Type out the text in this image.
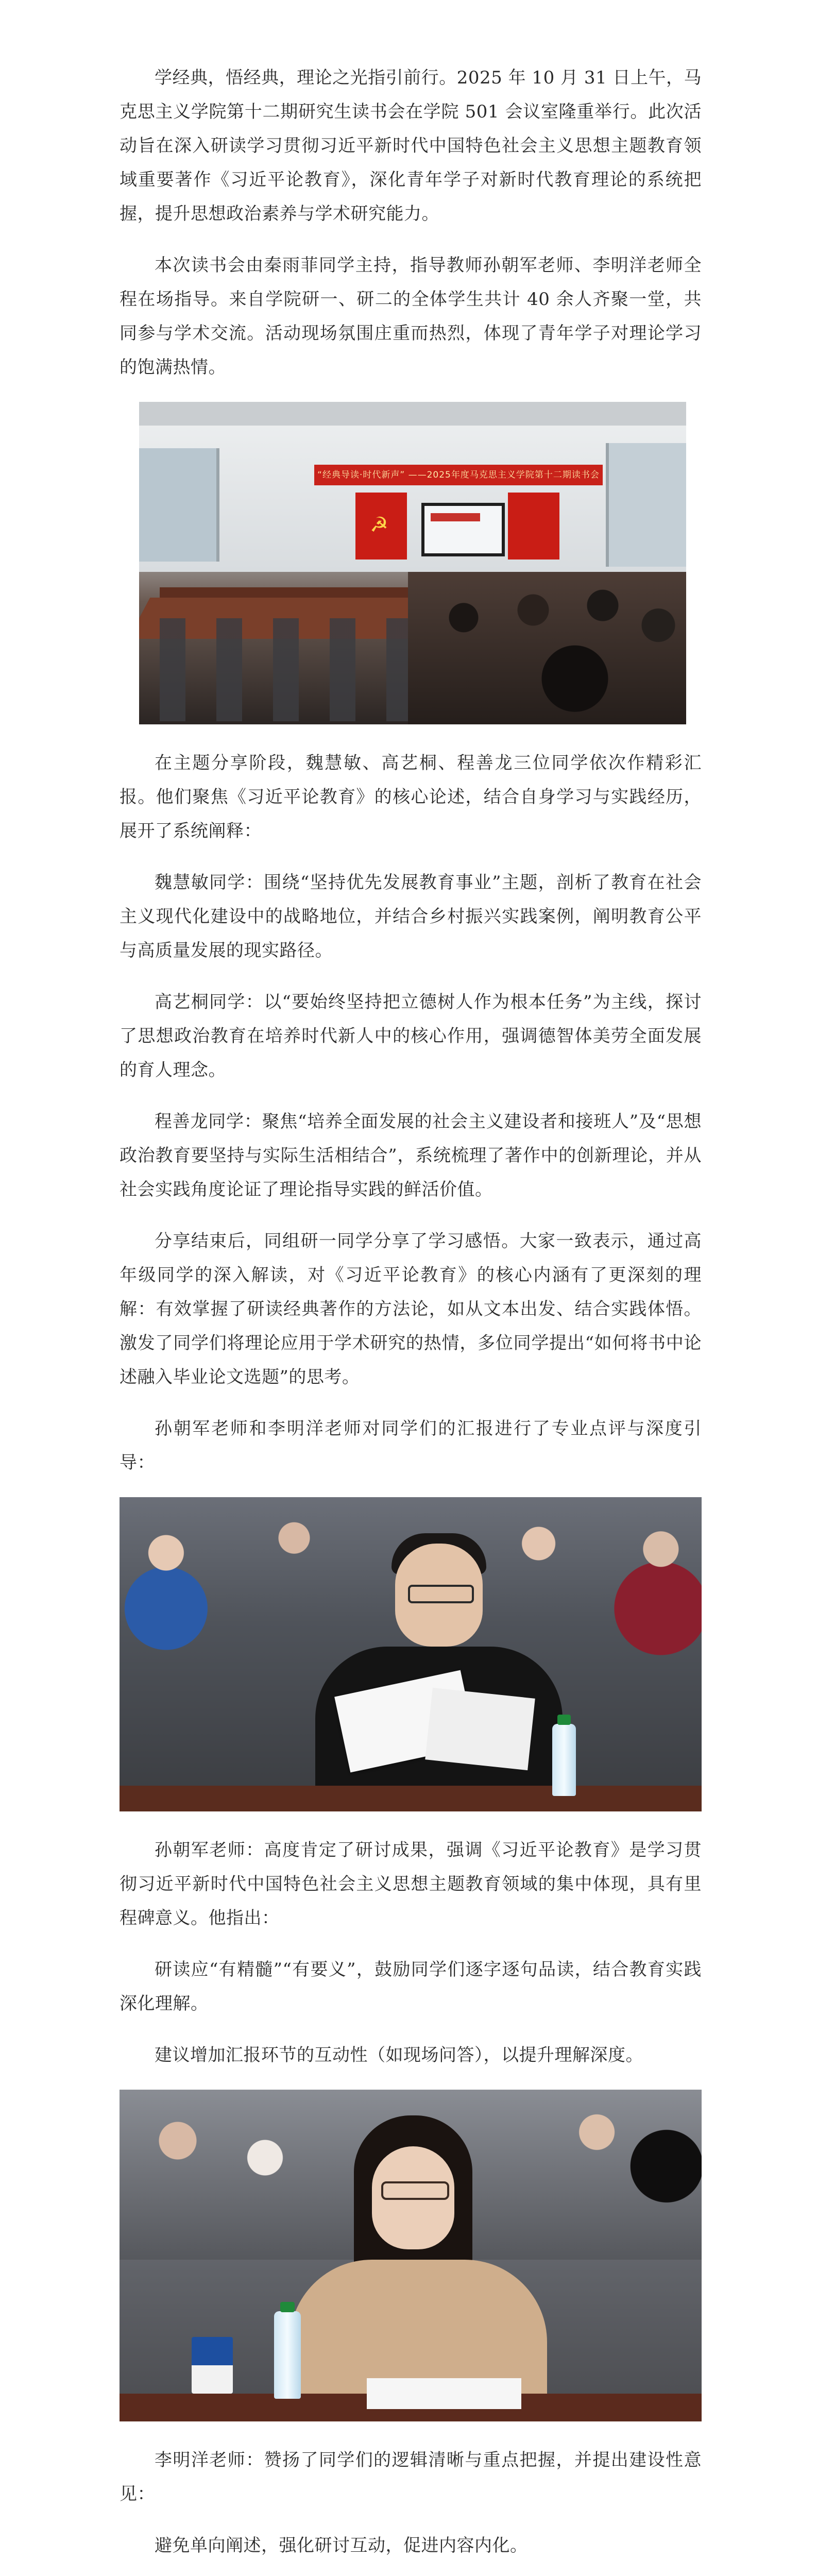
学经典，悟经典，理论之光指引前行。2025 年 10 月 31 日上午，马克思主义学院第十二期研究生读书会在学院 501 会议室隆重举行。此次活动旨在深入研读学习贯彻习近平新时代中国特色社会主义思想主题教育领域重要著作《习近平论教育》，深化青年学子对新时代教育理论的系统把握，提升思想政治素养与学术研究能力。

本次读书会由秦雨菲同学主持，指导教师孙朝军老师、李明洋老师全程在场指导。来自学院研一、研二的全体学生共计 40 余人齐聚一堂，共同参与学术交流。活动现场氛围庄重而热烈，体现了青年学子对理论学习的饱满热情。

“经典导读·时代新声” ——2025年度马克思主义学院第十二期读书会
☭

在主题分享阶段，魏慧敏、高艺桐、程善龙三位同学依次作精彩汇报。他们聚焦《习近平论教育》的核心论述，结合自身学习与实践经历，展开了系统阐释：

魏慧敏同学：围绕“坚持优先发展教育事业”主题，剖析了教育在社会主义现代化建设中的战略地位，并结合乡村振兴实践案例，阐明教育公平与高质量发展的现实路径。

高艺桐同学：以“要始终坚持把立德树人作为根本任务”为主线，探讨了思想政治教育在培养时代新人中的核心作用，强调德智体美劳全面发展的育人理念。

程善龙同学：聚焦“培养全面发展的社会主义建设者和接班人”及“思想政治教育要坚持与实际生活相结合”，系统梳理了著作中的创新理论，并从社会实践角度论证了理论指导实践的鲜活价值。

分享结束后，同组研一同学分享了学习感悟。大家一致表示，通过高年级同学的深入解读，对《习近平论教育》的核心内涵有了更深刻的理解：有效掌握了研读经典著作的方法论，如从文本出发、结合实践体悟。激发了同学们将理论应用于学术研究的热情，多位同学提出“如何将书中论述融入毕业论文选题”的思考。

孙朝军老师和李明洋老师对同学们的汇报进行了专业点评与深度引导：

孙朝军老师：高度肯定了研讨成果，强调《习近平论教育》是学习贯彻习近平新时代中国特色社会主义思想主题教育领域的集中体现，具有里程碑意义。他指出：

研读应“有精髓”“有要义”，鼓励同学们逐字逐句品读，结合教育实践深化理解。

建议增加汇报环节的互动性（如现场问答），以提升理解深度。

李明洋老师：赞扬了同学们的逻辑清晰与重点把握，并提出建设性意见：

避免单向阐述，强化研讨互动，促进内容内化。
